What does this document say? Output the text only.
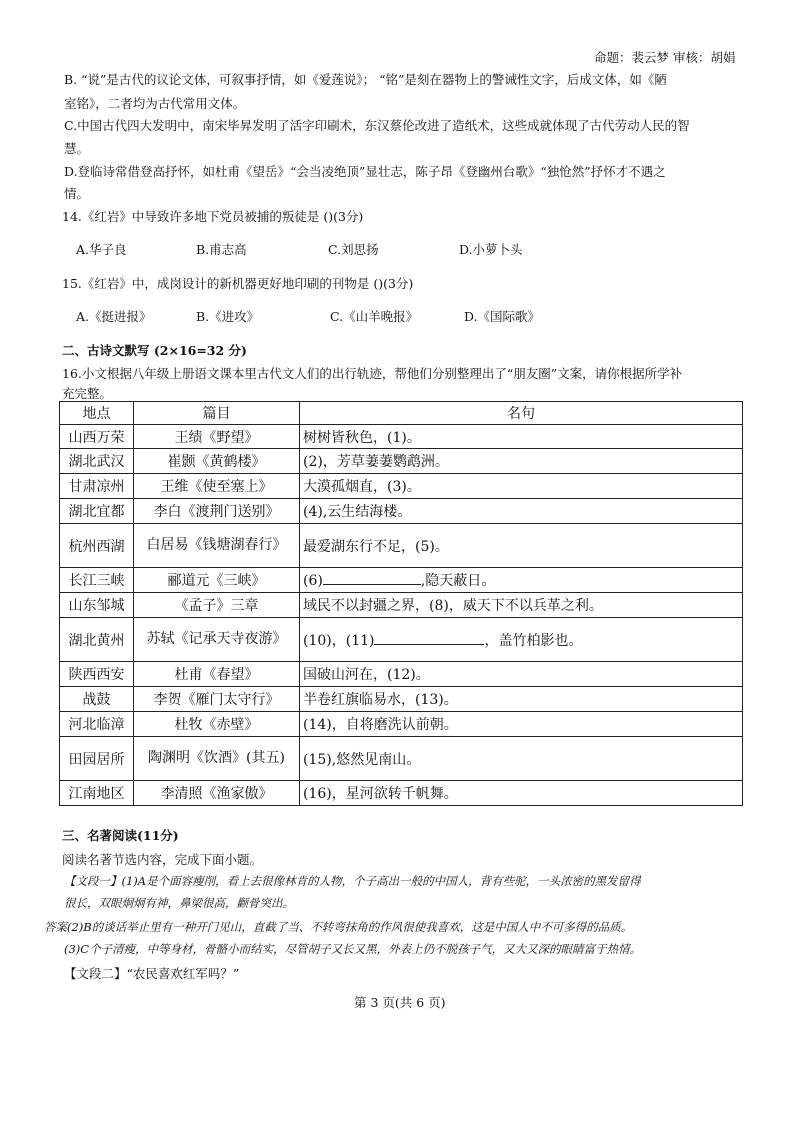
命题：裴云梦 审核：胡娟
B. “说”是古代的议论文体，可叙事抒情，如《爱莲说》； “铭”是刻在器物上的警诫性文字，后成文体，如《陋
室铭》，二者均为古代常用文体。
C.中国古代四大发明中，南宋毕昇发明了活字印刷术，东汉蔡伦改进了造纸术，这些成就体现了古代劳动人民的智
慧。
D.登临诗常借登高抒怀，如杜甫《望岳》“会当凌绝顶”显壮志，陈子昂《登幽州台歌》“独怆然”抒怀才不遇之
情。
14.《红岩》中导致许多地下党员被捕的叛徒是 ()(3分)
A.华子良	B.甫志高	C.刘思扬	D.小萝卜头
15.《红岩》中，成岗设计的新机器更好地印刷的刊物是 ()(3分)
A.《挺进报》	B.《进攻》	C.《山羊晚报》	D.《国际歌》
二、古诗文默写 (2×16=32 分)
16.小文根据八年级上册语文课本里古代文人们的出行轨迹，帮他们分别整理出了“朋友圈”文案，请你根据所学补
充完整。
地点	篇目	名句
山西万荣	王绩《野望》	树树皆秋色，(1)。
湖北武汉	崔颢《黄鹤楼》	(2)，芳草萋萋鹦鹉洲。
甘肃凉州	王维《使至塞上》	大漠孤烟直，(3)。
湖北宜都	李白《渡荆门送别》	(4),云生结海楼。
杭州西湖	白居易《钱塘湖春行》	最爱湖东行不足，(5)。
长江三峡	郦道元《三峡》	(6) ,隐天蔽日。
山东邹城	《孟子》三章	域民不以封疆之界，(8)，威天下不以兵革之利。
湖北黄州	苏轼《记承天寺夜游》	(10)，(11) ，盖竹柏影也。
陕西西安	杜甫《春望》	国破山河在，(12)。
战鼓	李贺《雁门太守行》	半卷红旗临易水，(13)。
河北临漳	杜牧《赤壁》	(14)，自将磨洗认前朝。
田园居所	陶渊明《饮酒》(其五)	(15),悠然见南山。
江南地区	李清照《渔家傲》	(16)，星河欲转千帆舞。
三、名著阅读(11分)
阅读名著节选内容，完成下面小题。
【文段一】(1)A是个面容瘦削，看上去很像林肯的人物，个子高出一般的中国人，背有些驼，一头浓密的黑发留得
很长，双眼炯炯有神，鼻梁很高，颧骨突出。
答案(2)B的谈话举止里有一种开门见山，直截了当、不转弯抹角的作风很使我喜欢，这是中国人中不可多得的品质。
(3)C个子清瘦，中等身材，骨骼小而结实，尽管胡子又长又黑，外表上仍不脱孩子气，又大又深的眼睛富于热情。
【文段二】“农民喜欢红军吗？”
第 3 页(共 6 页)
